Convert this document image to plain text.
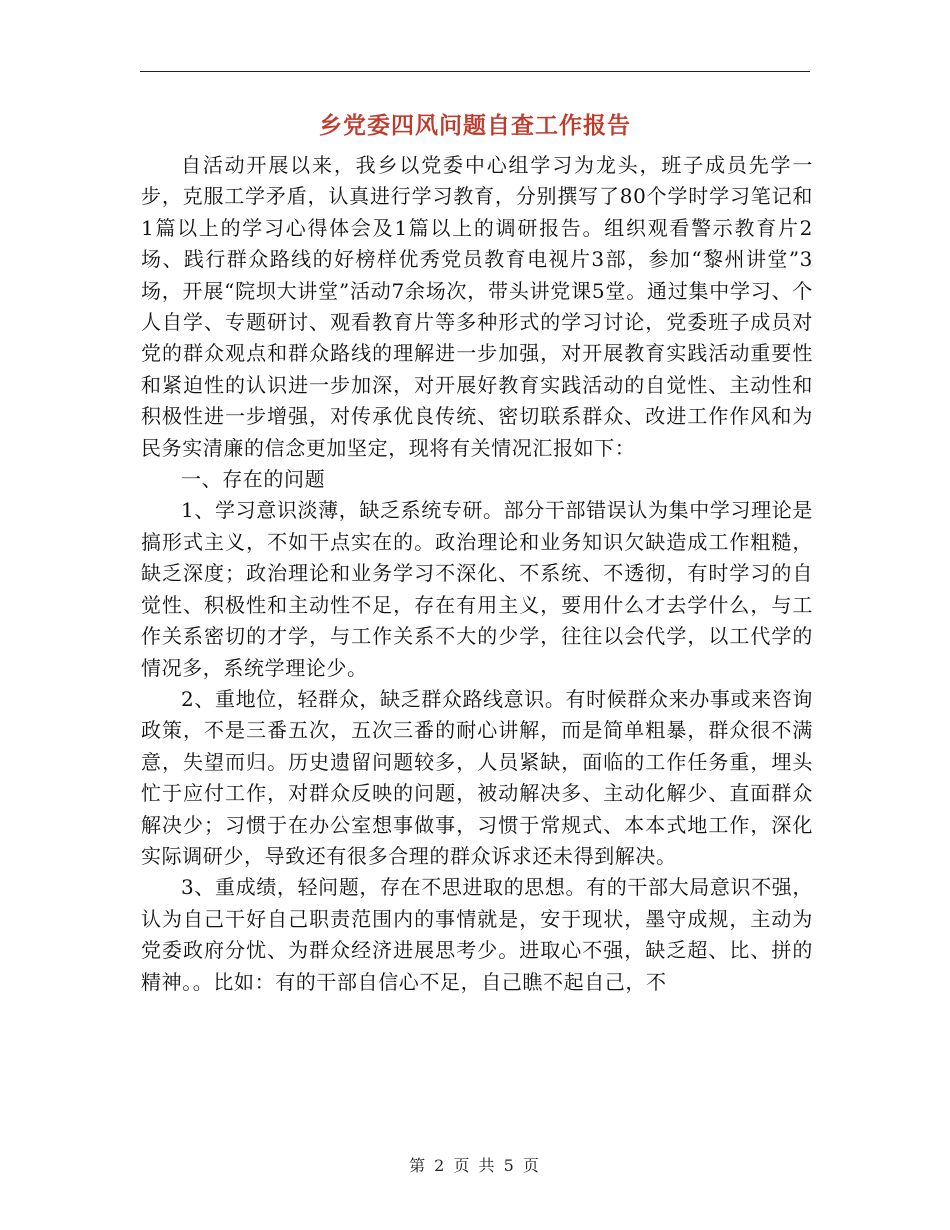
乡党委四风问题自查工作报告

自活动开展以来，我乡以党委中心组学习为龙头，班子成员先学一步，克服工学矛盾，认真进行学习教育，分别撰写了80个学时学习笔记和1篇以上的学习心得体会及1篇以上的调研报告。组织观看警示教育片2场、践行群众路线的好榜样优秀党员教育电视片3部，参加“黎州讲堂”3场，开展“院坝大讲堂”活动7余场次，带头讲党课5堂。通过集中学习、个人自学、专题研讨、观看教育片等多种形式的学习讨论，党委班子成员对党的群众观点和群众路线的理解进一步加强，对开展教育实践活动重要性和紧迫性的认识进一步加深，对开展好教育实践活动的自觉性、主动性和积极性进一步增强，对传承优良传统、密切联系群众、改进工作作风和为民务实清廉的信念更加坚定，现将有关情况汇报如下：

一、存在的问题

1、学习意识淡薄，缺乏系统专研。部分干部错误认为集中学习理论是搞形式主义，不如干点实在的。政治理论和业务知识欠缺造成工作粗糙，缺乏深度；政治理论和业务学习不深化、不系统、不透彻，有时学习的自觉性、积极性和主动性不足，存在有用主义，要用什么才去学什么，与工作关系密切的才学，与工作关系不大的少学，往往以会代学，以工代学的情况多，系统学理论少。

2、重地位，轻群众，缺乏群众路线意识。有时候群众来办事或来咨询政策，不是三番五次，五次三番的耐心讲解，而是简单粗暴，群众很不满意，失望而归。历史遗留问题较多，人员紧缺，面临的工作任务重，埋头忙于应付工作，对群众反映的问题，被动解决多、主动化解少、直面群众解决少；习惯于在办公室想事做事，习惯于常规式、本本式地工作，深化实际调研少，导致还有很多合理的群众诉求还未得到解决。

3、重成绩，轻问题，存在不思进取的思想。有的干部大局意识不强，认为自己干好自己职责范围内的事情就是，安于现状，墨守成规，主动为党委政府分忧、为群众经济进展思考少。进取心不强，缺乏超、比、拼的精神。。比如：有的干部自信心不足，自己瞧不起自己，不

第 2 页 共 5 页
